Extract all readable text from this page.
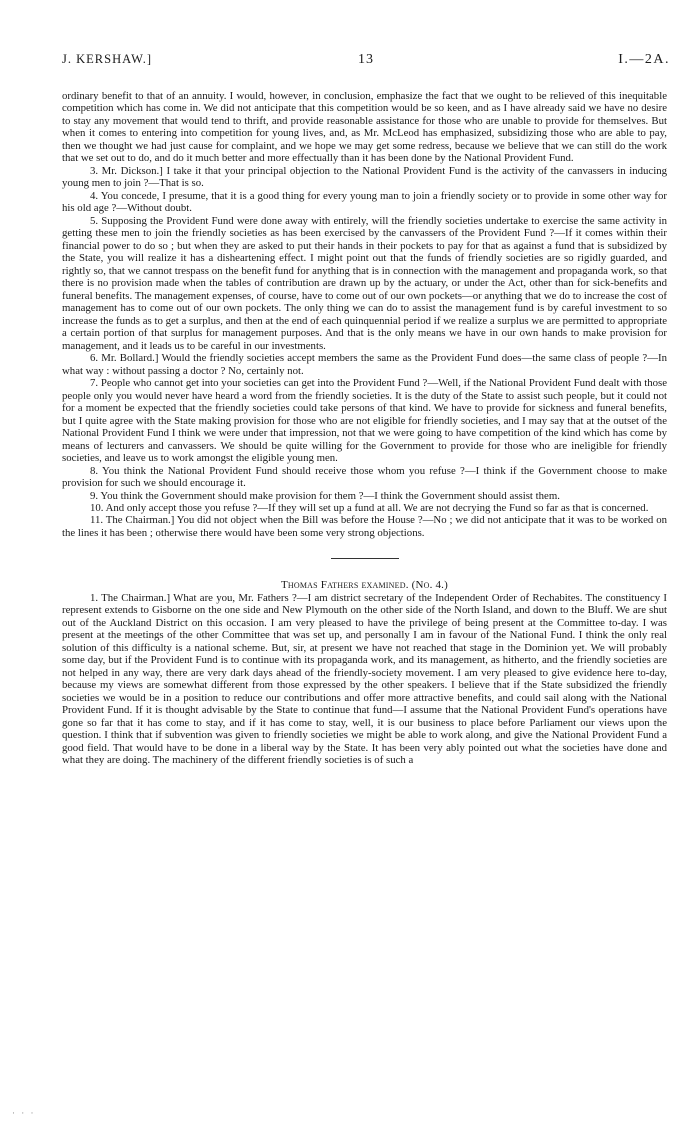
J. KERSHAW.]	13	I.—2A.

ordinary benefit to that of an annuity. I would, however, in conclusion, emphasize the fact that we ought to be relieved of this inequitable competition which has come in. We did not anticipate that this competition would be so keen, and as I have already said we have no desire to stay any movement that would tend to thrift, and provide reasonable assistance for those who are unable to provide for themselves. But when it comes to entering into competition for young lives, and, as Mr. McLeod has emphasized, subsidizing those who are able to pay, then we thought we had just cause for complaint, and we hope we may get some redress, because we believe that we can still do the work that we set out to do, and do it much better and more effectually than it has been done by the National Provident Fund.

3. Mr. Dickson.] I take it that your principal objection to the National Provident Fund is the activity of the canvassers in inducing young men to join ?—That is so.

4. You concede, I presume, that it is a good thing for every young man to join a friendly society or to provide in some other way for his old age ?—Without doubt.

5. Supposing the Provident Fund were done away with entirely, will the friendly societies undertake to exercise the same activity in getting these men to join the friendly societies as has been exercised by the canvassers of the Provident Fund ?—If it comes within their financial power to do so ; but when they are asked to put their hands in their pockets to pay for that as against a fund that is subsidized by the State, you will realize it has a disheartening effect. I might point out that the funds of friendly societies are so rigidly guarded, and rightly so, that we cannot trespass on the benefit fund for anything that is in connection with the management and propaganda work, so that there is no provision made when the tables of contribution are drawn up by the actuary, or under the Act, other than for sick-benefits and funeral benefits. The management expenses, of course, have to come out of our own pockets—or anything that we do to increase the cost of management has to come out of our own pockets. The only thing we can do to assist the management fund is by careful investment to so increase the funds as to get a surplus, and then at the end of each quinquennial period if we realize a surplus we are permitted to appropriate a certain portion of that surplus for management purposes. And that is the only means we have in our own hands to make provision for management, and it leads us to be careful in our investments.

6. Mr. Bollard.] Would the friendly societies accept members the same as the Provident Fund does—the same class of people ?—In what way : without passing a doctor ? No, certainly not.

7. People who cannot get into your societies can get into the Provident Fund ?—Well, if the National Provident Fund dealt with those people only you would never have heard a word from the friendly societies. It is the duty of the State to assist such people, but it could not for a moment be expected that the friendly societies could take persons of that kind. We have to provide for sickness and funeral benefits, but I quite agree with the State making provision for those who are not eligible for friendly societies, and I may say that at the outset of the National Provident Fund I think we were under that impression, not that we were going to have competition of the kind which has come by means of lecturers and canvassers. We should be quite willing for the Government to provide for those who are ineligible for friendly societies, and leave us to work amongst the eligible young men.

8. You think the National Provident Fund should receive those whom you refuse ?—I think if the Government choose to make provision for such we should encourage it.

9. You think the Government should make provision for them ?—I think the Government should assist them.

10. And only accept those you refuse ?—If they will set up a fund at all. We are not decrying the Fund so far as that is concerned.

11. The Chairman.] You did not object when the Bill was before the House ?—No ; we did not anticipate that it was to be worked on the lines it has been ; otherwise there would have been some very strong objections.

Thomas Fathers examined. (No. 4.)

1. The Chairman.] What are you, Mr. Fathers ?—I am district secretary of the Independent Order of Rechabites. The constituency I represent extends to Gisborne on the one side and New Plymouth on the other side of the North Island, and down to the Bluff. We are shut out of the Auckland District on this occasion. I am very pleased to have the privilege of being present at the Committee to-day. I was present at the meetings of the other Committee that was set up, and personally I am in favour of the National Fund. I think the only real solution of this difficulty is a national scheme. But, sir, at present we have not reached that stage in the Dominion yet. We will probably some day, but if the Provident Fund is to continue with its propaganda work, and its management, as hitherto, and the friendly societies are not helped in any way, there are very dark days ahead of the friendly-society movement. I am very pleased to give evidence here to-day, because my views are somewhat different from those expressed by the other speakers. I believe that if the State subsidized the friendly societies we would be in a position to reduce our contributions and offer more attractive benefits, and could sail along with the National Provident Fund. If it is thought advisable by the State to continue that fund—I assume that the National Provident Fund's operations have gone so far that it has come to stay, and if it has come to stay, well, it is our business to place before Parliament our views upon the question. I think that if subvention was given to friendly societies we might be able to work along, and give the National Provident Fund a good field. That would have to be done in a liberal way by the State. It has been very ably pointed out what the societies have done and what they are doing. The machinery of the different friendly societies is of such a

· · ·
